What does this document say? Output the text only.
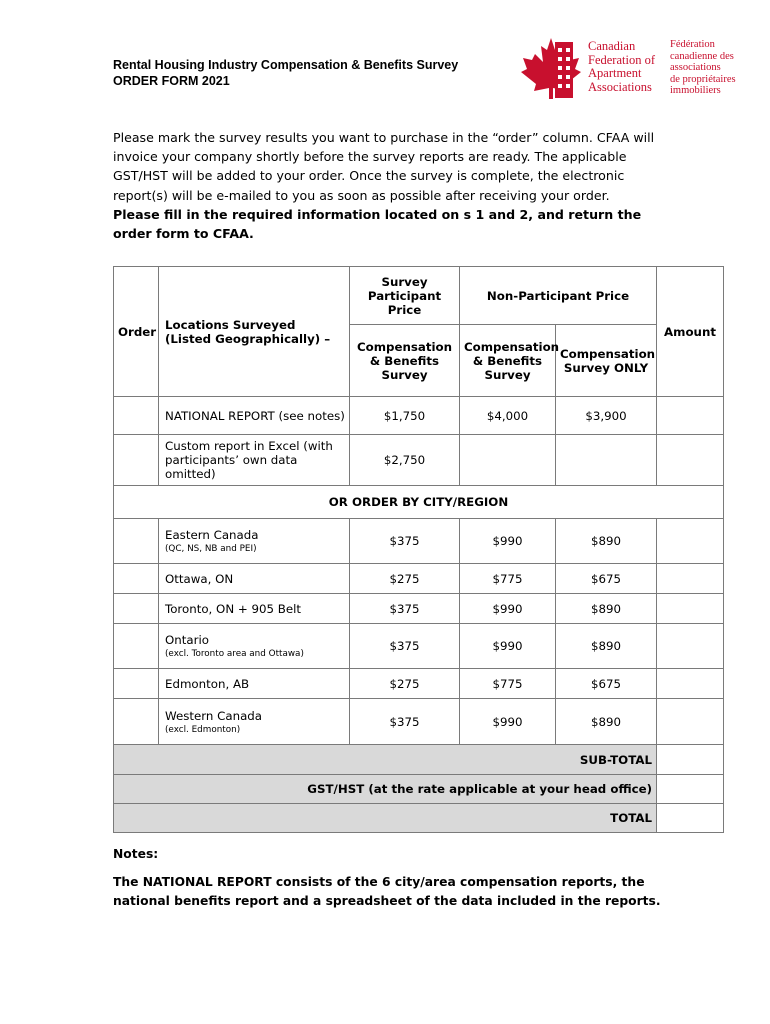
Rental Housing Industry Compensation & Benefits Survey
ORDER FORM 2021
Canadian
Federation of
Apartment
Associations
Fédération
canadienne des
associations
de propriétaires
immobiliers
Please mark the survey results you want to purchase in the “order” column. CFAA will invoice your company shortly before the survey reports are ready. The applicable GST/HST will be added to your order. Once the survey is complete, the electronic report(s) will be e-mailed to you as soon as possible after receiving your order. Please fill in the required information located on s 1 and 2, and return the order form to CFAA.
Order	Locations Surveyed (Listed Geographically) –	Survey Participant Price	Non-Participant Price		Amount
		Compensation & Benefits Survey	Compensation & Benefits Survey	Compensation Survey ONLY	
	NATIONAL REPORT (see notes)	$1,750	$4,000	$3,900	
	Custom report in Excel (with participants’ own data omitted)	$2,750			
OR ORDER BY CITY/REGION					
	Eastern Canada
(QC, NS, NB and PEI)	$375	$990	$890	
	Ottawa, ON	$275	$775	$675	
	Toronto, ON + 905 Belt	$375	$990	$890	
	Ontario
(excl. Toronto area and Ottawa)	$375	$990	$890	
	Edmonton, AB	$275	$775	$675	
	Western Canada
(excl. Edmonton)	$375	$990	$890	
SUB-TOTAL					
GST/HST (at the rate applicable at your head office)					
TOTAL					
Notes:
The NATIONAL REPORT consists of the 6 city/area compensation reports, the national benefits report and a spreadsheet of the data included in the reports.
